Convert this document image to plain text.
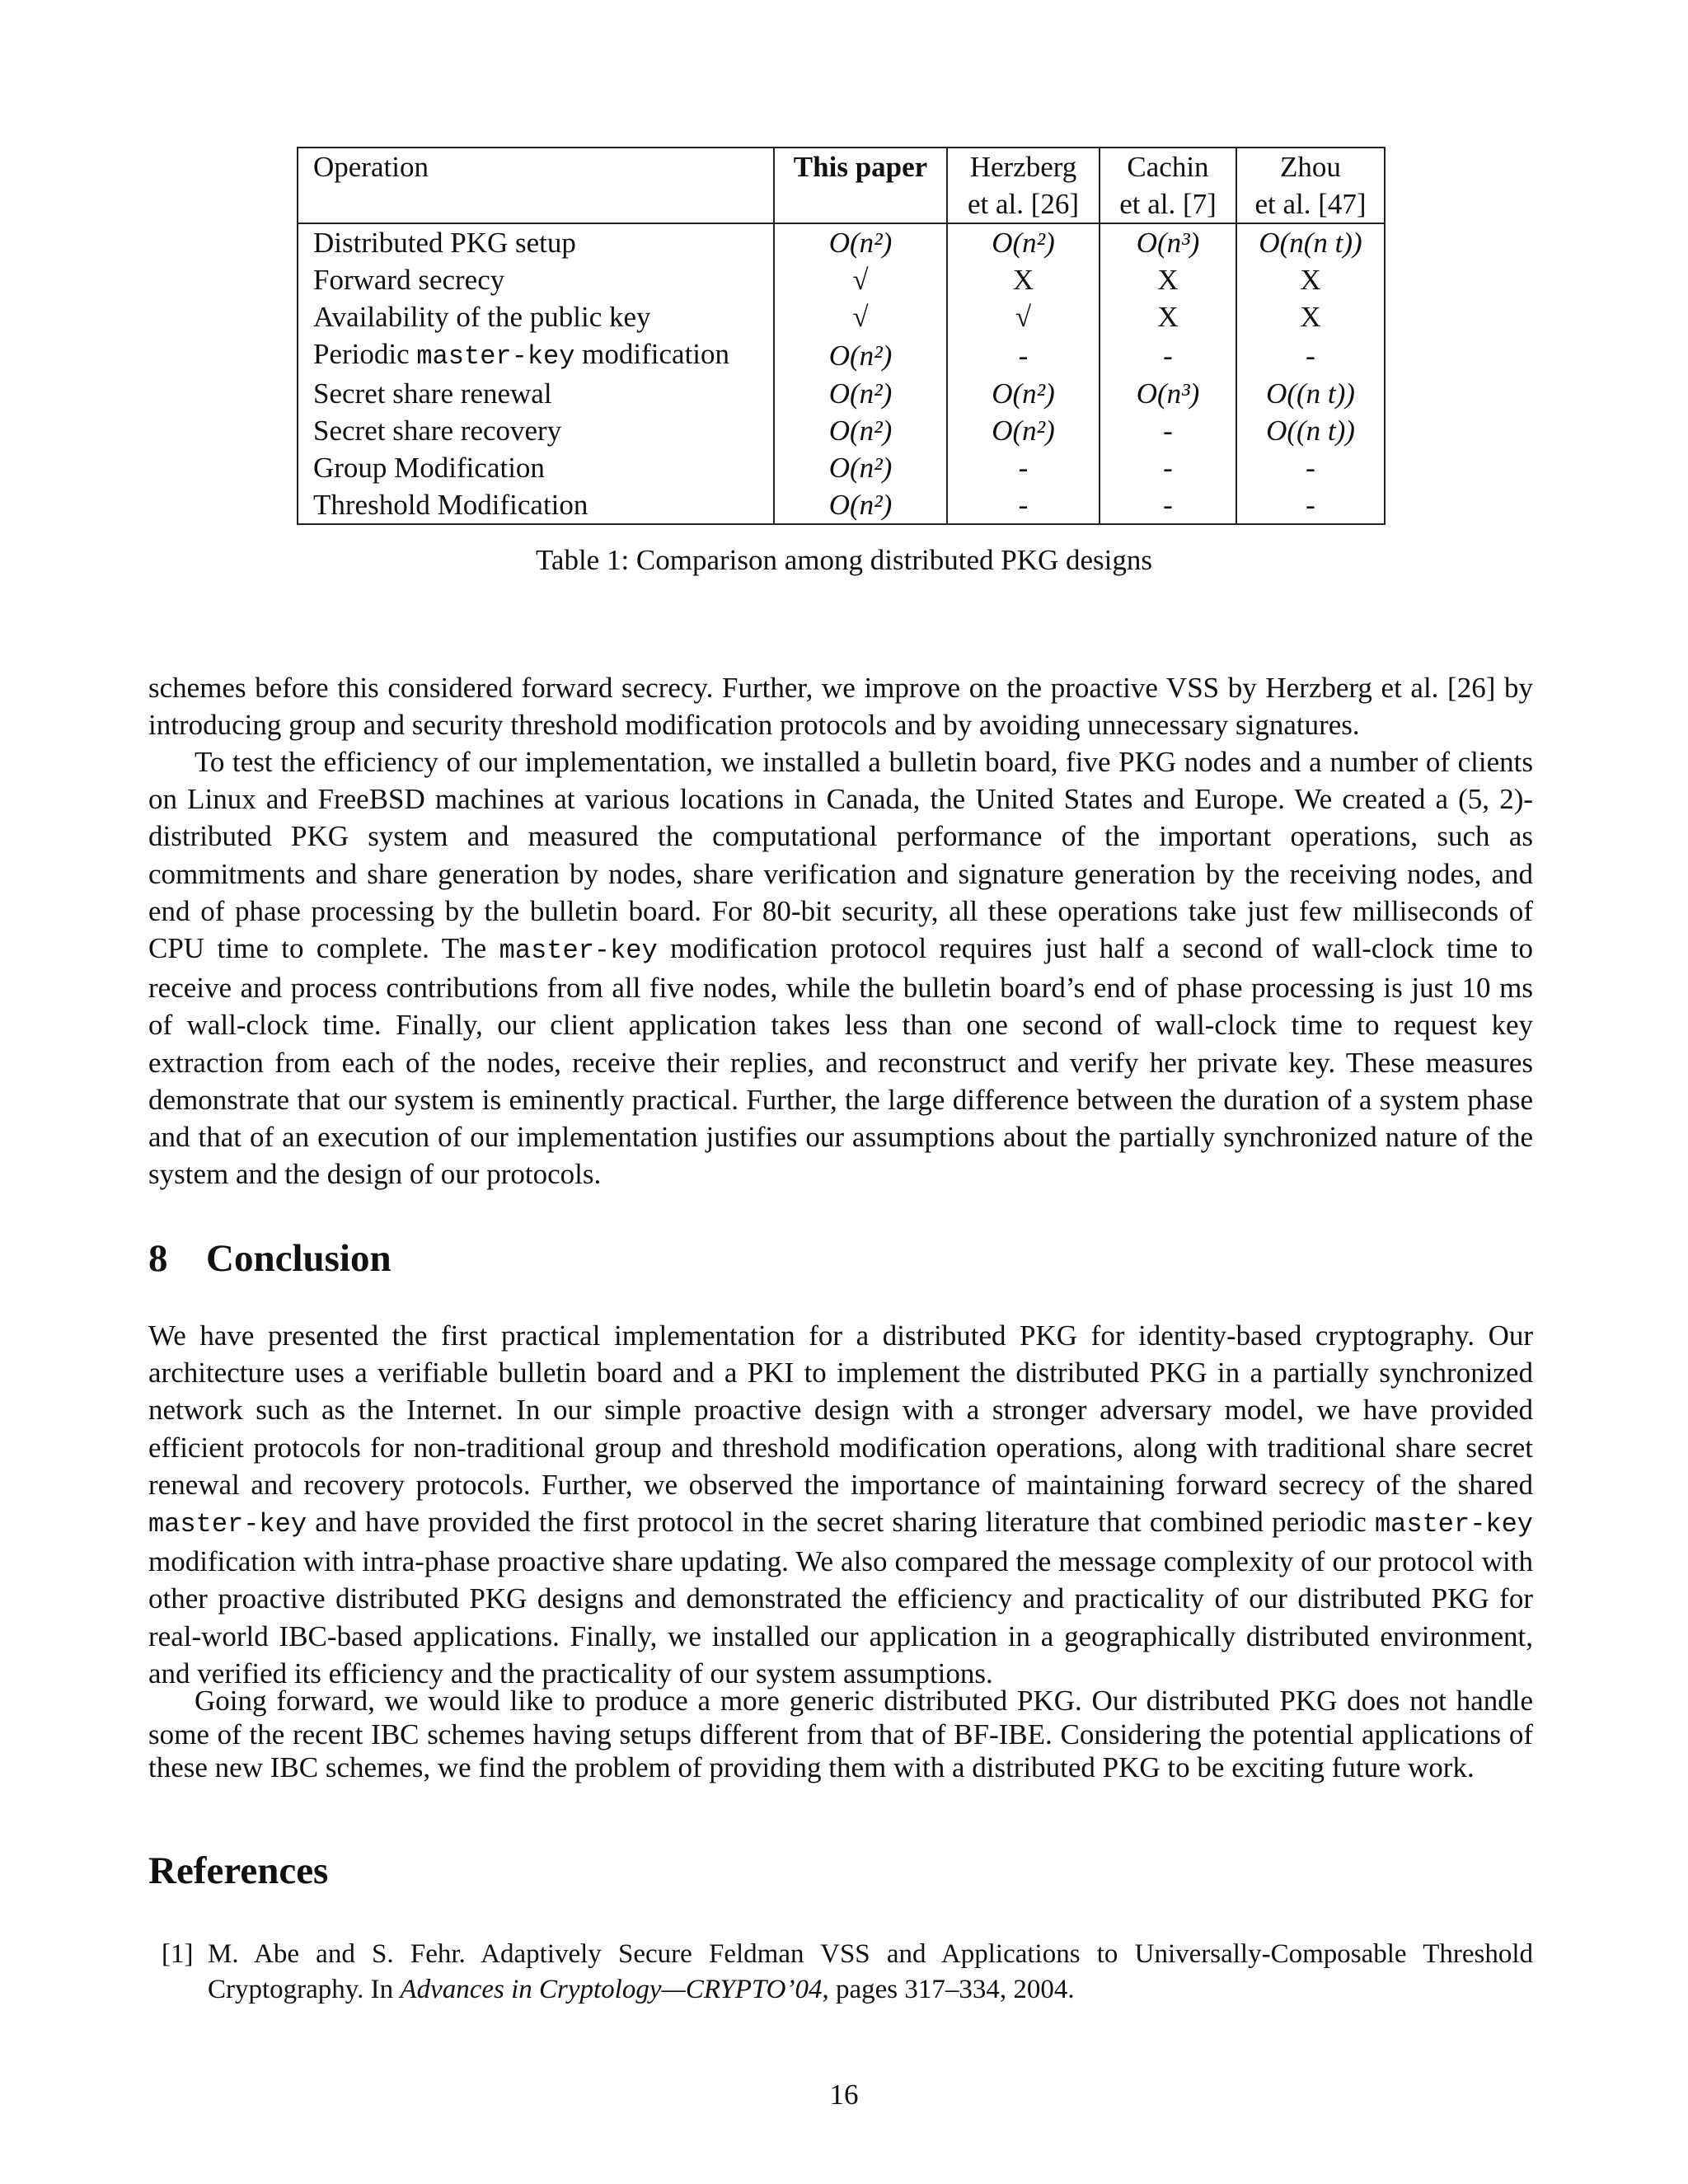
Operation	This paper	Herzberg	Cachin	Zhou
		et al. [26]	et al. [7]	et al. [47]
Distributed PKG setup	O(n²)	O(n²)	O(n³)	O(n(n t))
Forward secrecy	√	X	X	X
Availability of the public key	√	√	X	X
Periodic master-key modification	O(n²)	-	-	-
Secret share renewal	O(n²)	O(n²)	O(n³)	O((n t))
Secret share recovery	O(n²)	O(n²)	-	O((n t))
Group Modification	O(n²)	-	-	-
Threshold Modification	O(n²)	-	-	-
Table 1: Comparison among distributed PKG designs

schemes before this considered forward secrecy. Further, we improve on the proactive VSS by Herzberg et al. [26] by introducing group and security threshold modification protocols and by avoiding unnecessary signatures.

To test the efficiency of our implementation, we installed a bulletin board, five PKG nodes and a number of clients on Linux and FreeBSD machines at various locations in Canada, the United States and Europe. We created a (5, 2)-distributed PKG system and measured the computational performance of the important operations, such as commitments and share generation by nodes, share verification and signature generation by the receiving nodes, and end of phase processing by the bulletin board. For 80-bit security, all these operations take just few milliseconds of CPU time to complete. The master-key modification protocol requires just half a second of wall-clock time to receive and process contributions from all five nodes, while the bulletin board’s end of phase processing is just 10 ms of wall-clock time. Finally, our client application takes less than one second of wall-clock time to request key extraction from each of the nodes, receive their replies, and reconstruct and verify her private key. These measures demonstrate that our system is eminently practical. Further, the large difference between the duration of a system phase and that of an execution of our implementation justifies our assumptions about the partially synchronized nature of the system and the design of our protocols.

8 Conclusion

We have presented the first practical implementation for a distributed PKG for identity-based cryptography. Our architecture uses a verifiable bulletin board and a PKI to implement the distributed PKG in a partially synchronized network such as the Internet. In our simple proactive design with a stronger adversary model, we have provided efficient protocols for non-traditional group and threshold modification operations, along with traditional share secret renewal and recovery protocols. Further, we observed the importance of maintaining forward secrecy of the shared master-key and have provided the first protocol in the secret sharing literature that combined periodic master-key modification with intra-phase proactive share updating. We also compared the message complexity of our protocol with other proactive distributed PKG designs and demonstrated the efficiency and practicality of our distributed PKG for real-world IBC-based applications. Finally, we installed our application in a geographically distributed environment, and verified its efficiency and the practicality of our system assumptions.

Going forward, we would like to produce a more generic distributed PKG. Our distributed PKG does not handle some of the recent IBC schemes having setups different from that of BF-IBE. Considering the potential applications of these new IBC schemes, we find the problem of providing them with a distributed PKG to be exciting future work.

References
[1] M. Abe and S. Fehr. Adaptively Secure Feldman VSS and Applications to Universally-Composable Threshold Cryptography. In Advances in Cryptology—CRYPTO’04, pages 317–334, 2004.
16
